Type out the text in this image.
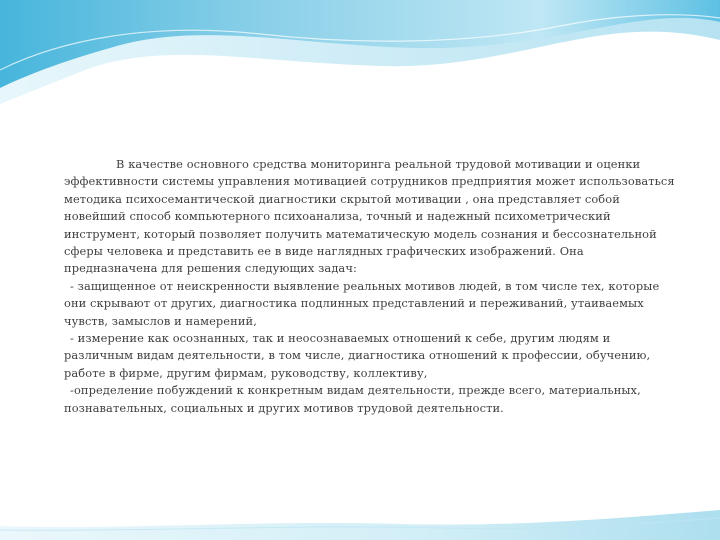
В качестве основного средства мониторинга реальной трудовой мотивации и оценки эффективности системы управления мотивацией сотрудников предприятия может использоваться методика психосемантической диагностики скрытой мотивации , она представляет собой новейший способ компьютерного психоанализа, точный и надежный психометрический инструмент, который позволяет получить математическую модель сознания и бессознательной сферы человека и представить ее в виде наглядных графических изображений. Она предназначена для решения следующих задач:

- защищенное от неискренности выявление реальных мотивов людей, в том числе тех, которые они скрывают от других, диагностика подлинных представлений и переживаний, утаиваемых чувств, замыслов и намерений,

- измерение как осознанных, так и неосознаваемых отношений к себе, другим людям и различным видам деятельности, в том числе, диагностика отношений к профессии, обучению, работе в фирме, другим фирмам, руководству, коллективу,

-определение побуждений к конкретным видам деятельности, прежде всего, материальных, познавательных, социальных и других мотивов трудовой деятельности.
